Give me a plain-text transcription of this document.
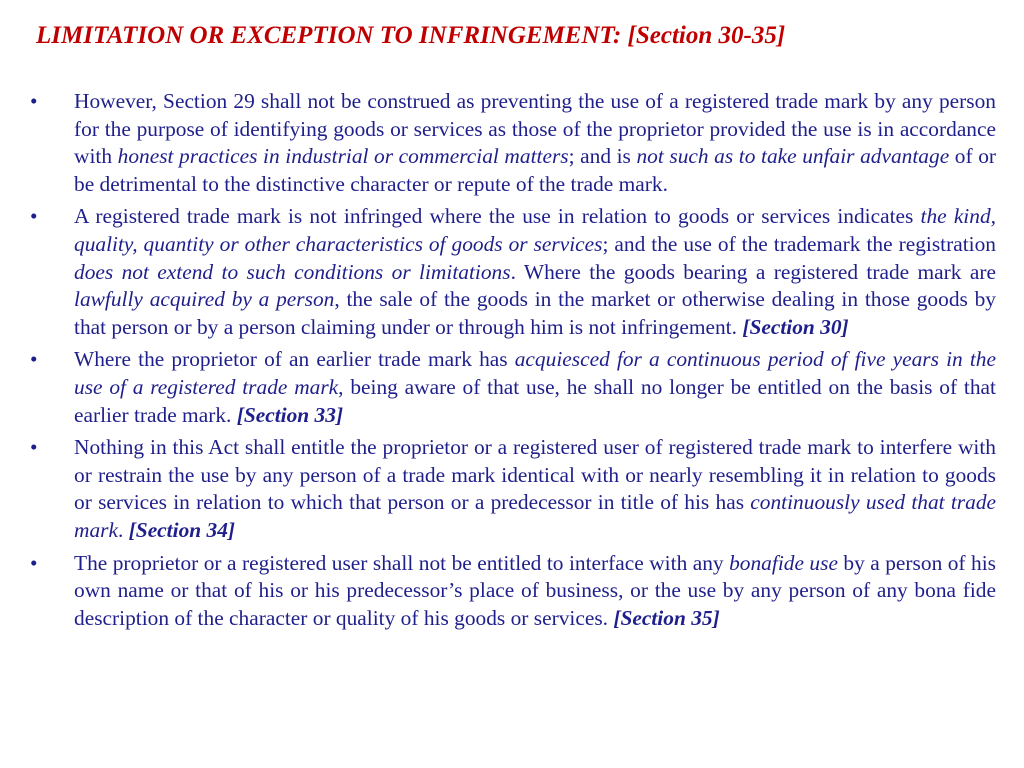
LIMITATION OR EXCEPTION TO INFRINGEMENT: [Section 30-35]
•	However, Section 29 shall not be construed as preventing the use of a registered trade mark by any person for the purpose of identifying goods or services as those of the proprietor provided the use is in accordance with honest practices in industrial or commercial matters; and is not such as to take unfair advantage of or be detrimental to the distinctive character or repute of the trade mark.
•	A registered trade mark is not infringed where the use in relation to goods or services indicates the kind, quality, quantity or other characteristics of goods or services; and the use of the trademark the registration does not extend to such conditions or limitations. Where the goods bearing a registered trade mark are lawfully acquired by a person, the sale of the goods in the market or otherwise dealing in those goods by that person or by a person claiming under or through him is not infringement. [Section 30]
•	Where the proprietor of an earlier trade mark has acquiesced for a continuous period of five years in the use of a registered trade mark, being aware of that use, he shall no longer be entitled on the basis of that earlier trade mark. [Section 33]
•	Nothing in this Act shall entitle the proprietor or a registered user of registered trade mark to interfere with or restrain the use by any person of a trade mark identical with or nearly resembling it in relation to goods or services in relation to which that person or a predecessor in title of his has continuously used that trade mark. [Section 34]
•	The proprietor or a registered user shall not be entitled to interface with any bonafide use by a person of his own name or that of his or his predecessor’s place of business, or the use by any person of any bona fide description of the character or quality of his goods or services. [Section 35]
